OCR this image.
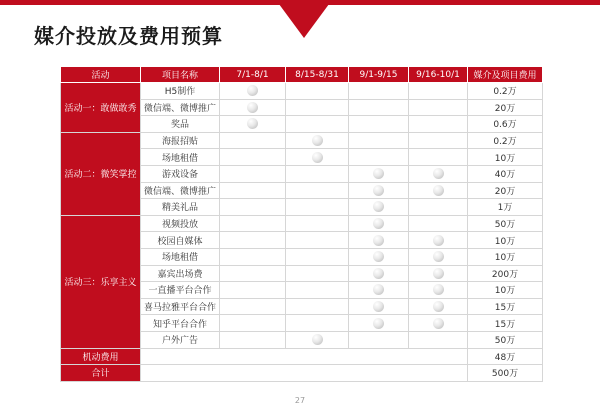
媒介投放及费用预算
活动	项目名称	7/1-8/1	8/15-8/31	9/1-9/15	9/16-10/1	媒介及项目费用
活动一：敢做敢秀	H5制作					0.2万
	微信端、微博推广					20万
	奖品					0.6万
活动二：微笑掌控	海报招贴					0.2万
	场地租借					10万
	游戏设备					40万
	微信端、微博推广					20万
	精美礼品					1万
活动三：乐享主义	视频投放					50万
	校园自媒体					10万
	场地租借					10万
	嘉宾出场费					200万
	一直播平台合作					10万
	喜马拉雅平台合作					15万
	知乎平台合作					15万
	户外广告					50万
机动费用						48万
合计						500万
27
